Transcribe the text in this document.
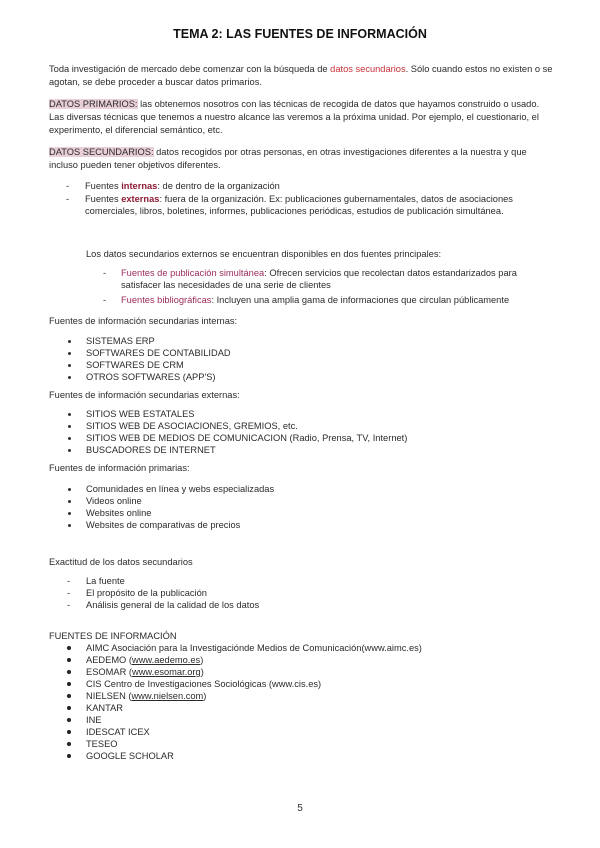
TEMA 2: LAS FUENTES DE INFORMACIÓN
Toda investigación de mercado debe comenzar con la búsqueda de datos secundarios. Sólo cuando estos no existen o se agotan, se debe proceder a buscar datos primarios.
DATOS PRIMARIOS: las obtenemos nosotros con las técnicas de recogida de datos que hayamos construido o usado. Las diversas técnicas que tenemos a nuestro alcance las veremos a la próxima unidad. Por ejemplo, el cuestionario, el experimento, el diferencial semántico, etc.
DATOS SECUNDARIOS: datos recogidos por otras personas, en otras investigaciones diferentes a la nuestra y que incluso pueden tener objetivos diferentes.
- Fuentes internas: de dentro de la organización
- Fuentes externas: fuera de la organización. Ex: publicaciones gubernamentales, datos de asociaciones comerciales, libros, boletines, informes, publicaciones periódicas, estudios de publicación simultánea.
Los datos secundarios externos se encuentran disponibles en dos fuentes principales:
- Fuentes de publicación simultánea: Ofrecen servicios que recolectan datos estandarizados para satisfacer las necesidades de una serie de clientes
- Fuentes bibliográficas: Incluyen una amplia gama de informaciones que circulan públicamente
Fuentes de información secundarias internas:
SISTEMAS ERP
SOFTWARES DE CONTABILIDAD
SOFTWARES DE CRM
OTROS SOFTWARES (APP'S)
Fuentes de información secundarias externas:
SITIOS WEB ESTATALES
SITIOS WEB DE ASOCIACIONES, GREMIOS, etc.
SITIOS WEB DE MEDIOS DE COMUNICACION (Radio, Prensa, TV, Internet)
BUSCADORES DE INTERNET
Fuentes de información primarias:
Comunidades en línea y webs especializadas
Videos online
Websites online
Websites de comparativas de precios
Exactitud de los datos secundarios
- La fuente
- El propósito de la publicación
- Análisis general de la calidad de los datos
FUENTES DE INFORMACIÓN
AIMC Asociación para la Investigaciónde Medios de Comunicación(www.aimc.es)
AEDEMO (www.aedemo.es)
ESOMAR (www.esomar.org)
CIS Centro de Investigaciones Sociológicas (www.cis.es)
NIELSEN (www.nielsen.com)
KANTAR
INE
IDESCAT ICEX
TESEO
GOOGLE SCHOLAR
5
